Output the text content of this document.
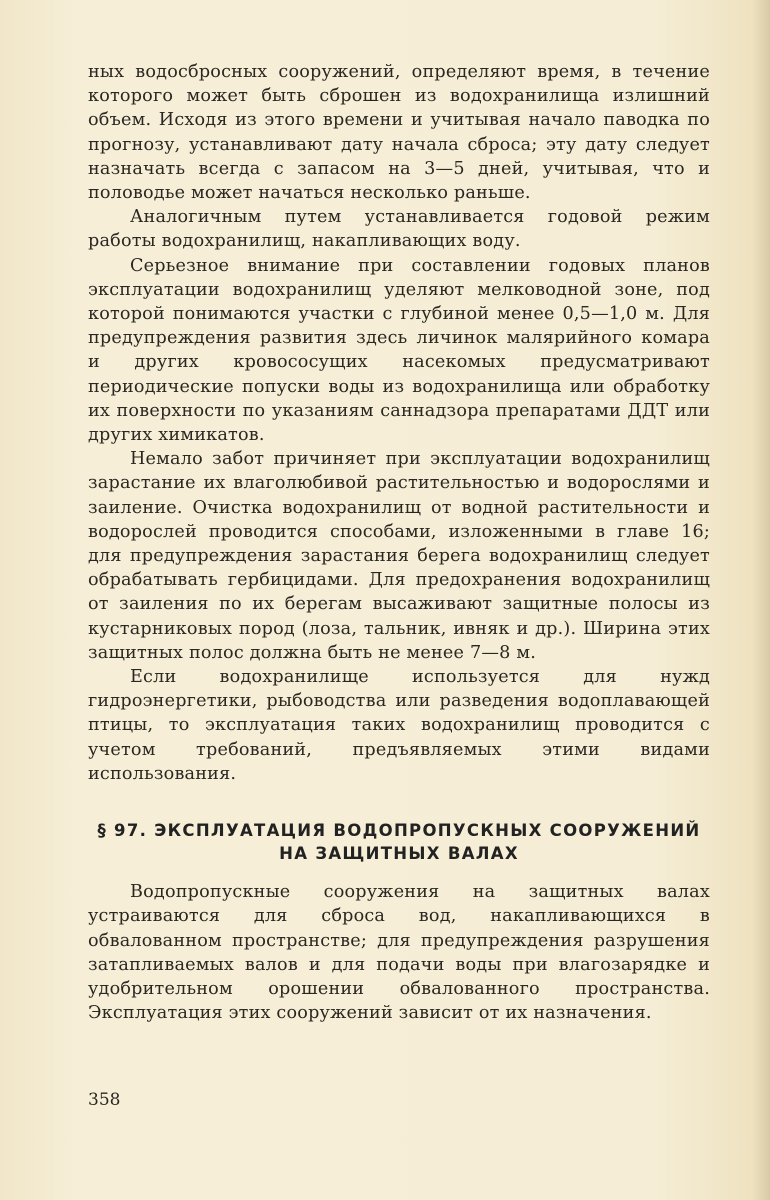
ных водосбросных сооружений, определяют время, в течение которого может быть сброшен из водохранилища излишний объем. Исходя из этого времени и учитывая начало паводка по прогнозу, устанавливают дату начала сброса; эту дату следует назначать всегда с запасом на 3—5 дней, учитывая, что и половодье может начаться несколько раньше.

Аналогичным путем устанавливается годовой режим работы водохранилищ, накапливающих воду.

Серьезное внимание при составлении годовых планов эксплуатации водохранилищ уделяют мелководной зоне, под которой понимаются участки с глубиной менее 0,5—1,0 м. Для предупреждения развития здесь личинок малярийного комара и других кровососущих насекомых предусматривают периодические попуски воды из водохранилища или обработку их поверхности по указаниям саннадзора препаратами ДДТ или других химикатов.

Немало забот причиняет при эксплуатации водохранилищ зарастание их влаголюбивой растительностью и водорослями и заиление. Очистка водохранилищ от водной растительности и водорослей проводится способами, изложенными в главе 16; для предупреждения зарастания берега водохранилищ следует обрабатывать гербицидами. Для предохранения водохранилищ от заиления по их берегам высаживают защитные полосы из кустарниковых пород (лоза, тальник, ивняк и др.). Ширина этих защитных полос должна быть не менее 7—8 м.

Если водохранилище используется для нужд гидроэнергетики, рыбоводства или разведения водоплавающей птицы, то эксплуатация таких водохранилищ проводится с учетом требований, предъявляемых этими видами использования.

§ 97. ЭКСПЛУАТАЦИЯ ВОДОПРОПУСКНЫХ СООРУЖЕНИЙ
НА ЗАЩИТНЫХ ВАЛАХ

Водопропускные сооружения на защитных валах устраиваются для сброса вод, накапливающихся в обвалованном пространстве; для предупреждения разрушения затапливаемых валов и для подачи воды при влагозарядке и удобрительном орошении обвалованного пространства. Эксплуатация этих сооружений зависит от их назначения.

358
